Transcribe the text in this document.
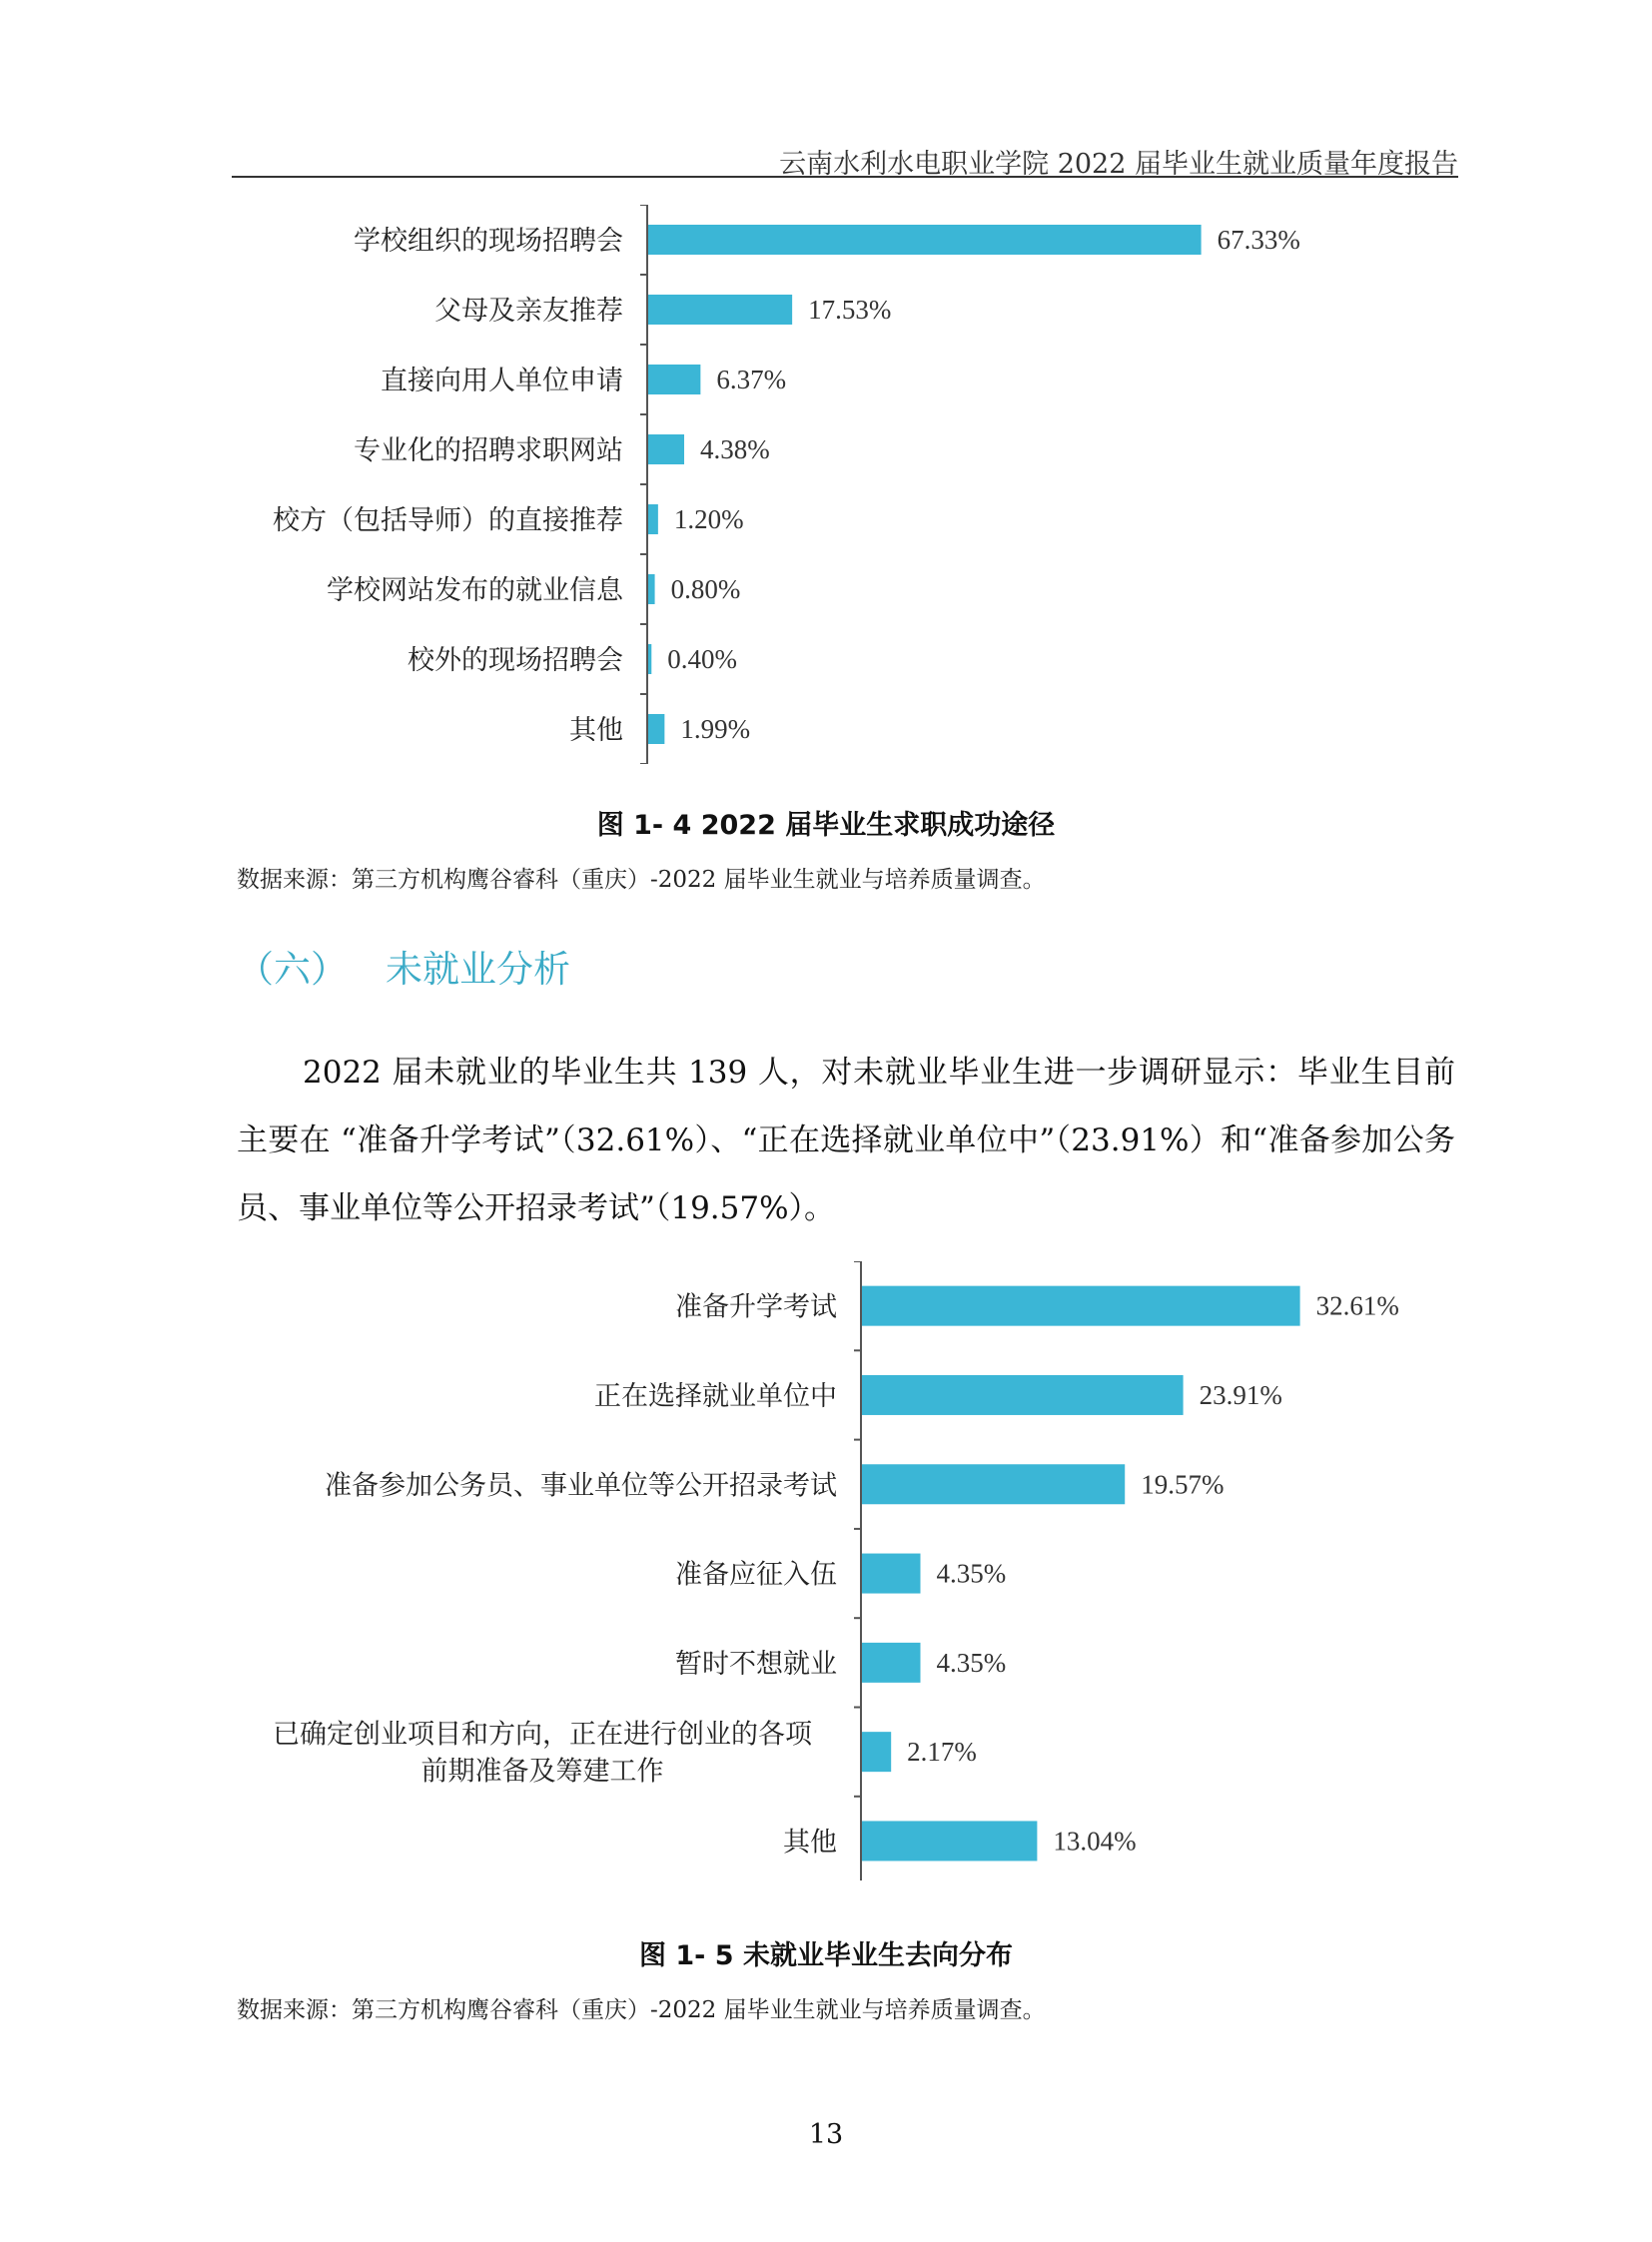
云南水利水电职业学院 2022 届毕业生就业质量年度报告
67.33%
学校组织的现场招聘会
17.53%
父母及亲友推荐
6.37%
直接向用人单位申请
4.38%
专业化的招聘求职网站
1.20%
校方（包括导师）的直接推荐
0.80%
学校网站发布的就业信息
0.40%
校外的现场招聘会
1.99%
其他
图 1- 4 2022 届毕业生求职成功途径
数据来源：第三方机构鹰谷睿科（重庆）-2022 届毕业生就业与培养质量调查。
（六） 未就业分析
2022 届未就业的毕业生共 139 人，对未就业毕业生进一步调研显示：毕业生目前主要在 “准备升学考试”（32.61%）、“正在选择就业单位中”（23.91%）和“准备参加公务员、事业单位等公开招录考试”（19.57%）。
32.61%
准备升学考试
23.91%
正在选择就业单位中
19.57%
准备参加公务员、事业单位等公开招录考试
4.35%
准备应征入伍
4.35%
暂时不想就业
2.17%
已确定创业项目和方向，正在进行创业的各项
前期准备及筹建工作
13.04%
其他
图 1- 5 未就业毕业生去向分布
数据来源：第三方机构鹰谷睿科（重庆）-2022 届毕业生就业与培养质量调查。
13
